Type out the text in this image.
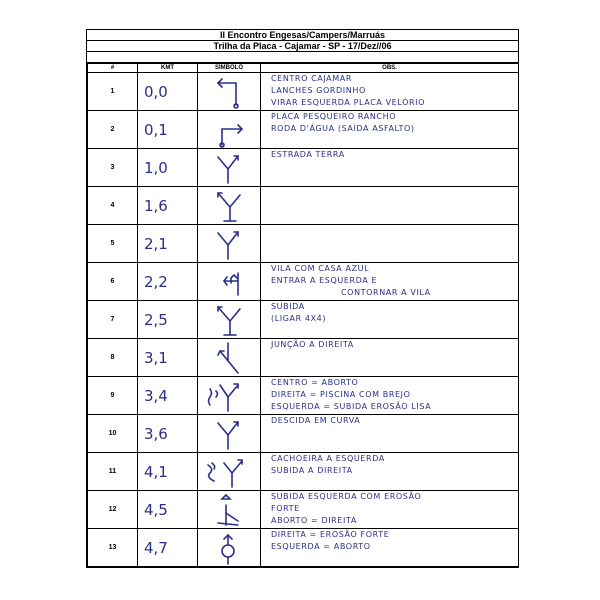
II Encontro Engesas/Campers/Marruás
Trilha da Placa - Cajamar - SP - 17/Dez//06
#	KMT	SÍMBOLO	OBS.
1	0,0		CENTRO CAJAMAR
LANCHES GORDINHO
VIRAR ESQUERDA PLACA VELÓRIO

2	0,1		PLACA PESQUEIRO RANCHO
RODA D'ÁGUA (SAÍDA ASFALTO)

3	1,0		ESTRADA TERRA

4	1,6	

5	2,1	

6	2,2		VILA COM CASA AZUL
ENTRAR A ESQUERDA E
CONTORNAR A VILA

7	2,5		SUBIDA
(LIGAR 4X4)

8	3,1		JUNÇÃO A DIREITA

9	3,4		CENTRO = ABORTO
DIREITA = PISCINA COM BREJO
ESQUERDA = SUBIDA EROSÃO LISA

10	3,6		DESCIDA EM CURVA

11	4,1		CACHOEIRA A ESQUERDA
SUBIDA A DIREITA

12	4,5		SUBIDA ESQUERDA COM EROSÃO
FORTE
ABORTO = DIREITA

13	4,7		DIREITA = EROSÃO FORTE
ESQUERDA = ABORTO
